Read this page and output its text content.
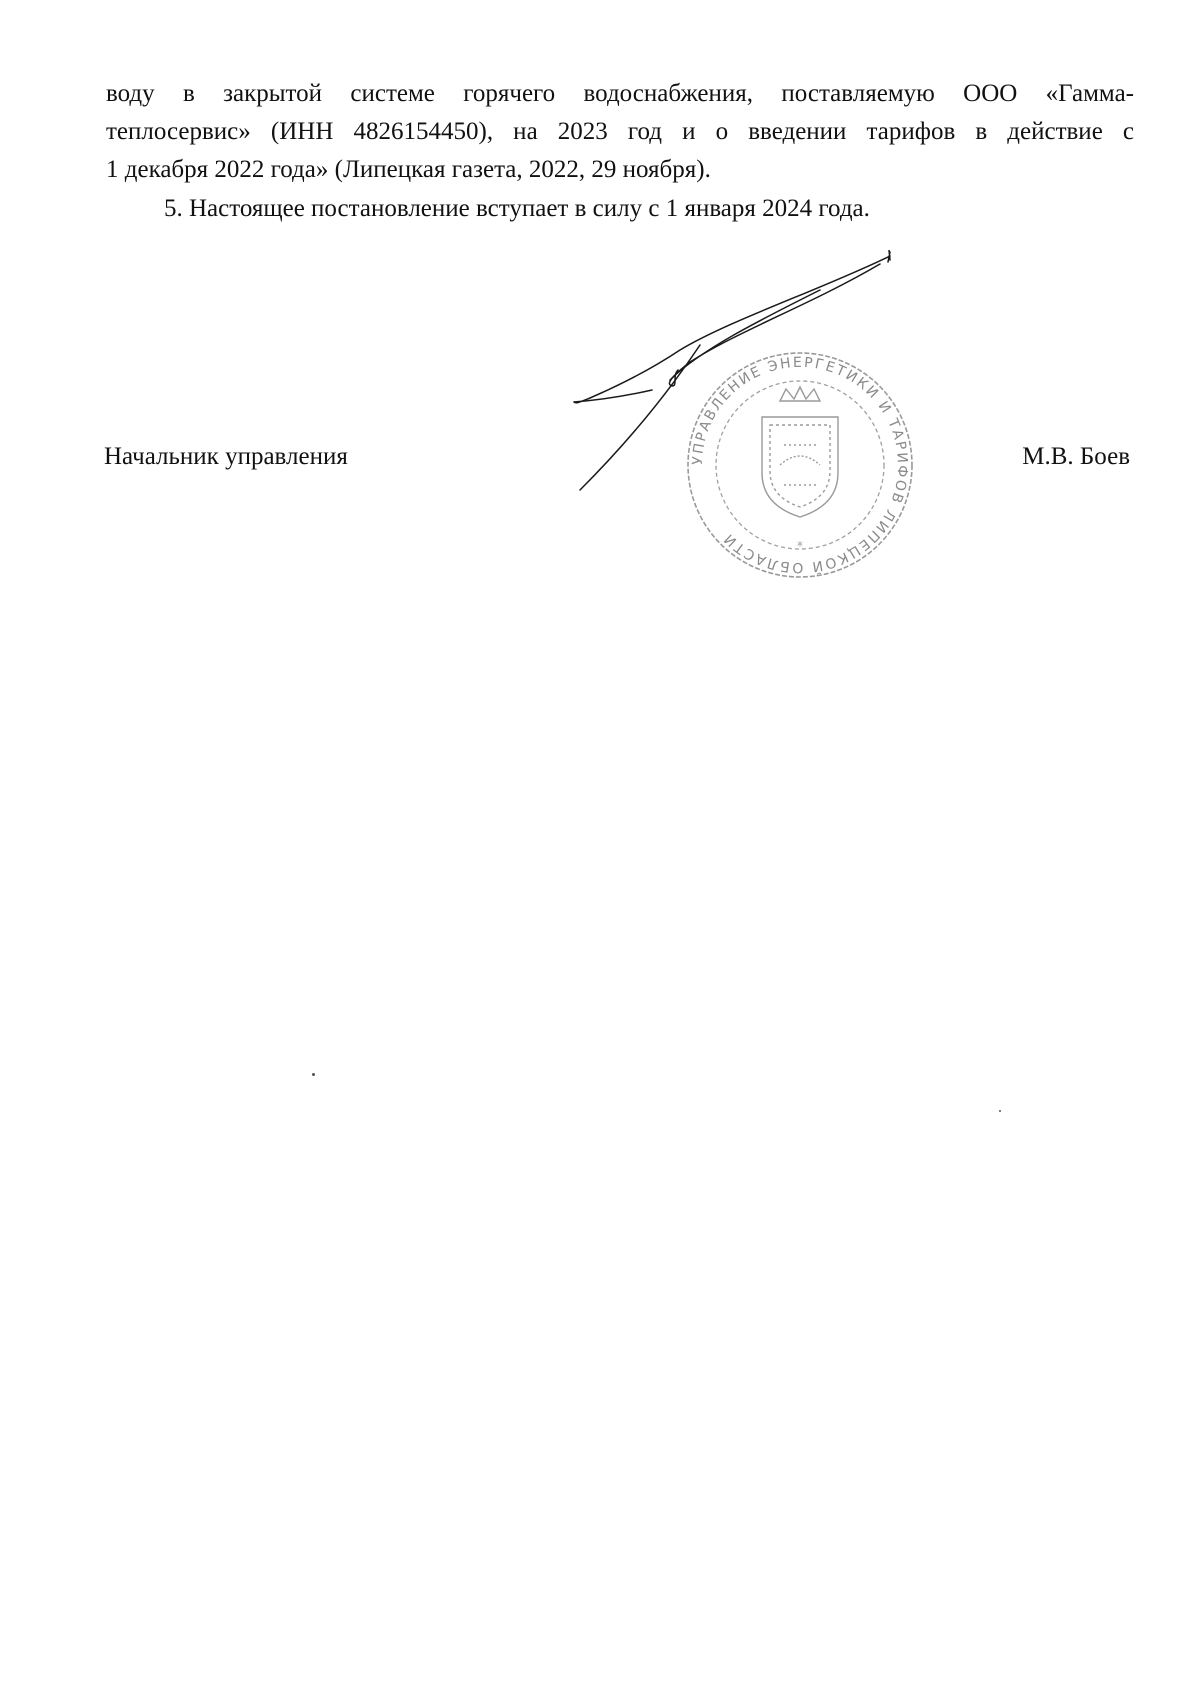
воду в закрытой системе горячего водоснабжения, поставляемую ООО «Гамма-
теплосервис» (ИНН 4826154450), на 2023 год и о введении тарифов в действие с
1 декабря 2022 года» (Липецкая газета, 2022, 29 ноября).

5. Настоящее постановление вступает в силу с 1 января 2024 года.

УПРАВЛЕНИЕ ЭНЕРГЕТИКИ И ТАРИФОВ ЛИПЕЦКОЙ ОБЛАСТИ	*
Начальник управления	М.В. Боев
